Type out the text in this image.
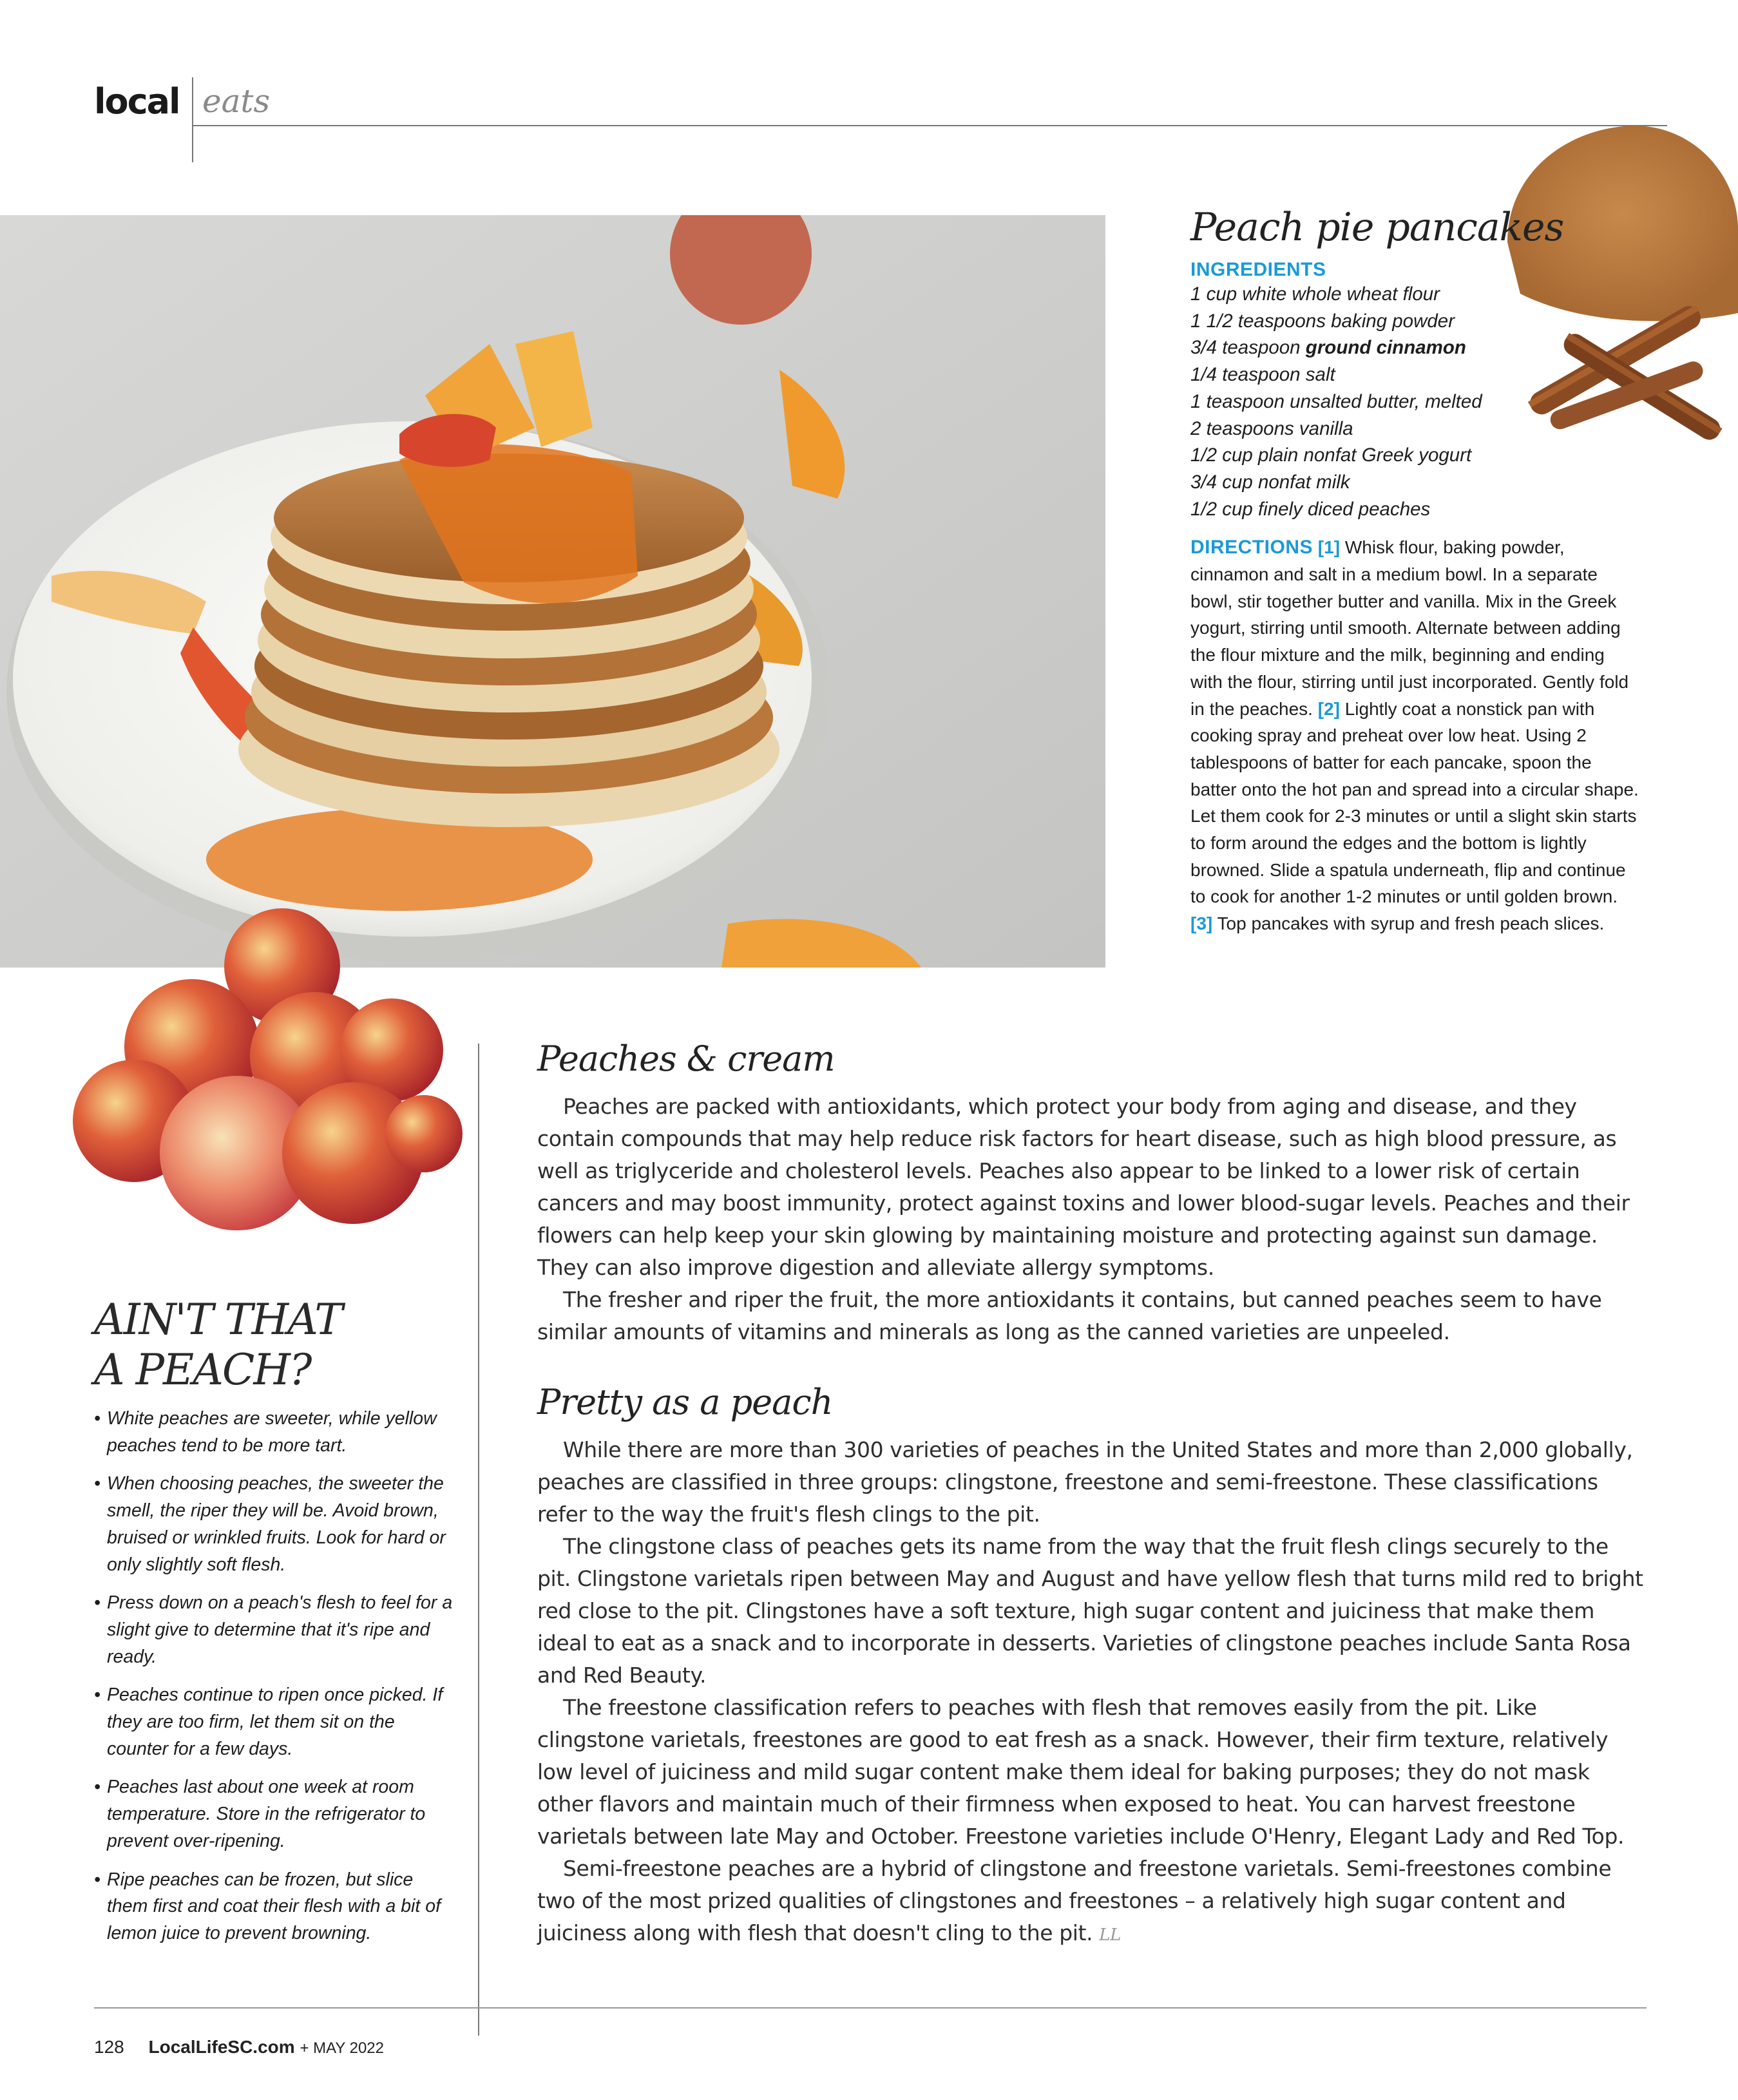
local eats
Peach pie pancakes
INGREDIENTS
1 cup white whole wheat flour
1 1/2 teaspoons baking powder
3/4 teaspoon ground cinnamon
1/4 teaspoon salt
1 teaspoon unsalted butter, melted
2 teaspoons vanilla
1/2 cup plain nonfat Greek yogurt
3/4 cup nonfat milk
1/2 cup finely diced peaches
DIRECTIONS [1] Whisk flour, baking powder, cinnamon and salt in a medium bowl. In a separate bowl, stir together butter and vanilla. Mix in the Greek yogurt, stirring until smooth. Alternate between adding the flour mixture and the milk, beginning and ending with the flour, stirring until just incorporated. Gently fold in the peaches. [2] Lightly coat a nonstick pan with cooking spray and preheat over low heat. Using 2 tablespoons of batter for each pancake, spoon the batter onto the hot pan and spread into a circular shape. Let them cook for 2-3 minutes or until a slight skin starts to form around the edges and the bottom is lightly browned. Slide a spatula underneath, flip and continue to cook for another 1-2 minutes or until golden brown. [3] Top pancakes with syrup and fresh peach slices.
AIN'T THAT
A PEACH?
• White peaches are sweeter, while yellow peaches tend to be more tart.
• When choosing peaches, the sweeter the smell, the riper they will be. Avoid brown, bruised or wrinkled fruits. Look for hard or only slightly soft flesh.
• Press down on a peach's flesh to feel for a slight give to determine that it's ripe and ready.
• Peaches continue to ripen once picked. If they are too firm, let them sit on the counter for a few days.
• Peaches last about one week at room temperature. Store in the refrigerator to prevent over-ripening.
• Ripe peaches can be frozen, but slice them first and coat their flesh with a bit of lemon juice to prevent browning.
Peaches & cream

Peaches are packed with antioxidants, which protect your body from aging and disease, and they contain compounds that may help reduce risk factors for heart disease, such as high blood pressure, as well as triglyceride and cholesterol levels. Peaches also appear to be linked to a lower risk of certain cancers and may boost immunity, protect against toxins and lower blood-sugar levels. Peaches and their flowers can help keep your skin glowing by maintaining moisture and protecting against sun damage. They can also improve digestion and alleviate allergy symptoms.

The fresher and riper the fruit, the more antioxidants it contains, but canned peaches seem to have similar amounts of vitamins and minerals as long as the canned varieties are unpeeled.

Pretty as a peach

While there are more than 300 varieties of peaches in the United States and more than 2,000 globally, peaches are classified in three groups: clingstone, freestone and semi-freestone. These classifications refer to the way the fruit's flesh clings to the pit.

The clingstone class of peaches gets its name from the way that the fruit flesh clings securely to the pit. Clingstone varietals ripen between May and August and have yellow flesh that turns mild red to bright red close to the pit. Clingstones have a soft texture, high sugar content and juiciness that make them ideal to eat as a snack and to incorporate in desserts. Varieties of clingstone peaches include Santa Rosa and Red Beauty.

The freestone classification refers to peaches with flesh that removes easily from the pit. Like clingstone varietals, freestones are good to eat fresh as a snack. However, their firm texture, relatively low level of juiciness and mild sugar content make them ideal for baking purposes; they do not mask other flavors and maintain much of their firmness when exposed to heat. You can harvest freestone varietals between late May and October. Freestone varieties include O'Henry, Elegant Lady and Red Top.

Semi-freestone peaches are a hybrid of clingstone and freestone varietals. Semi-freestones combine two of the most prized qualities of clingstones and freestones – a relatively high sugar content and juiciness along with flesh that doesn't cling to the pit. LL

128 LocalLifeSC.com + MAY 2022
